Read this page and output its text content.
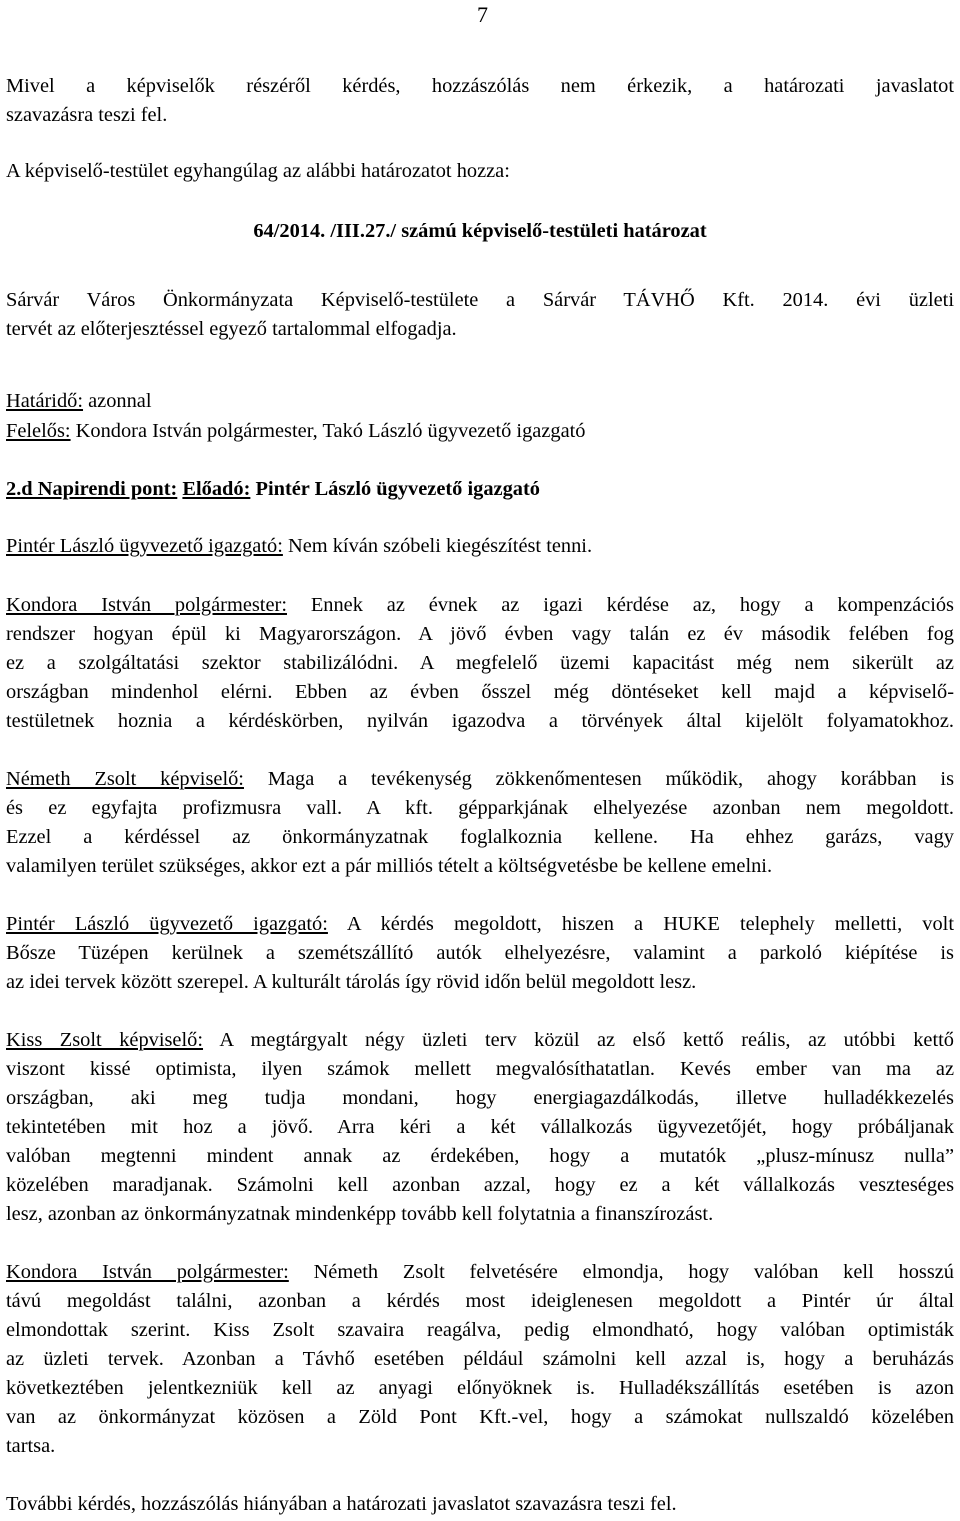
7
Mivel a képviselők részéről kérdés, hozzászólás nem érkezik, a határozati javaslatot
szavazásra teszi fel.
A képviselő-testület egyhangúlag az alábbi határozatot hozza:
64/2014. /III.27./ számú képviselő-testületi határozat
Sárvár Város Önkormányzata Képviselő-testülete a Sárvár TÁVHŐ Kft. 2014. évi üzleti
tervét az előterjesztéssel egyező tartalommal elfogadja.
Határidő: azonnal
Felelős: Kondora István polgármester, Takó László ügyvezető igazgató
2.d Napirendi pont: Előadó: Pintér László ügyvezető igazgató
Pintér László ügyvezető igazgató: Nem kíván szóbeli kiegészítést tenni.
Kondora István polgármester: Ennek az évnek az igazi kérdése az, hogy a kompenzációs
rendszer hogyan épül ki Magyarországon. A jövő évben vagy talán ez év második felében fog
ez a szolgáltatási szektor stabilizálódni. A megfelelő üzemi kapacitást még nem sikerült az
országban mindenhol elérni. Ebben az évben ősszel még döntéseket kell majd a képviselő-
testületnek hoznia a kérdéskörben, nyilván igazodva a törvények által kijelölt folyamatokhoz.
Németh Zsolt képviselő: Maga a tevékenység zökkenőmentesen működik, ahogy korábban is
és ez egyfajta profizmusra vall. A kft. gépparkjának elhelyezése azonban nem megoldott.
Ezzel a kérdéssel az önkormányzatnak foglalkoznia kellene. Ha ehhez garázs, vagy
valamilyen terület szükséges, akkor ezt a pár milliós tételt a költségvetésbe be kellene emelni.
Pintér László ügyvezető igazgató: A kérdés megoldott, hiszen a HUKE telephely melletti, volt
Bősze Tüzépen kerülnek a szemétszállító autók elhelyezésre, valamint a parkoló kiépítése is
az idei tervek között szerepel. A kulturált tárolás így rövid időn belül megoldott lesz.
Kiss Zsolt képviselő: A megtárgyalt négy üzleti terv közül az első kettő reális, az utóbbi kettő
viszont kissé optimista, ilyen számok mellett megvalósíthatatlan. Kevés ember van ma az
országban, aki meg tudja mondani, hogy energiagazdálkodás, illetve hulladékkezelés
tekintetében mit hoz a jövő. Arra kéri a két vállalkozás ügyvezetőjét, hogy próbáljanak
valóban megtenni mindent annak az érdekében, hogy a mutatók „plusz-mínusz nulla”
közelében maradjanak. Számolni kell azonban azzal, hogy ez a két vállalkozás veszteséges
lesz, azonban az önkormányzatnak mindenképp tovább kell folytatnia a finanszírozást.
Kondora István polgármester: Németh Zsolt felvetésére elmondja, hogy valóban kell hosszú
távú megoldást találni, azonban a kérdés most ideiglenesen megoldott a Pintér úr által
elmondottak szerint. Kiss Zsolt szavaira reagálva, pedig elmondható, hogy valóban optimisták
az üzleti tervek. Azonban a Távhő esetében például számolni kell azzal is, hogy a beruházás
következtében jelentkezniük kell az anyagi előnyöknek is. Hulladékszállítás esetében is azon
van az önkormányzat közösen a Zöld Pont Kft.-vel, hogy a számokat nullszaldó közelében
tartsa.
További kérdés, hozzászólás hiányában a határozati javaslatot szavazásra teszi fel.
